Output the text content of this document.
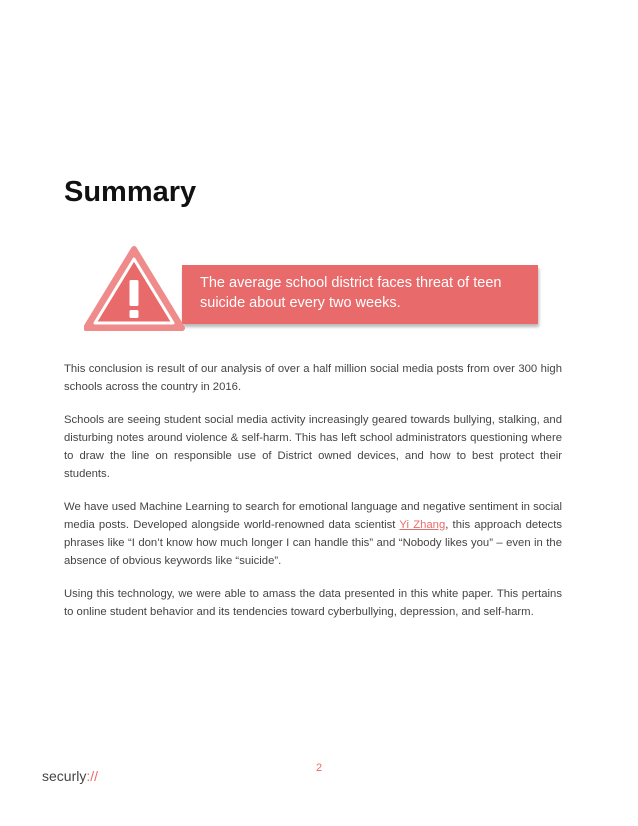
Summary

The average school district faces threat of teen suicide about every two weeks.

This conclusion is result of our analysis of over a half million social media posts from over 300 high schools across the country in 2016.

Schools are seeing student social media activity increasingly geared towards bullying, stalking, and disturbing notes around violence & self-harm. This has left school administrators questioning where to draw the line on responsible use of District owned devices, and how to best protect their students.

We have used Machine Learning to search for emotional language and negative sentiment in social media posts. Developed alongside world-renowned data scientist Yi Zhang, this approach detects phrases like “I don’t know how much longer I can handle this” and “Nobody likes you” – even in the absence of obvious keywords like “suicide”.

Using this technology, we were able to amass the data presented in this white paper. This pertains to online student behavior and its tendencies toward cyberbullying, depression, and self-harm.

2
securly://
